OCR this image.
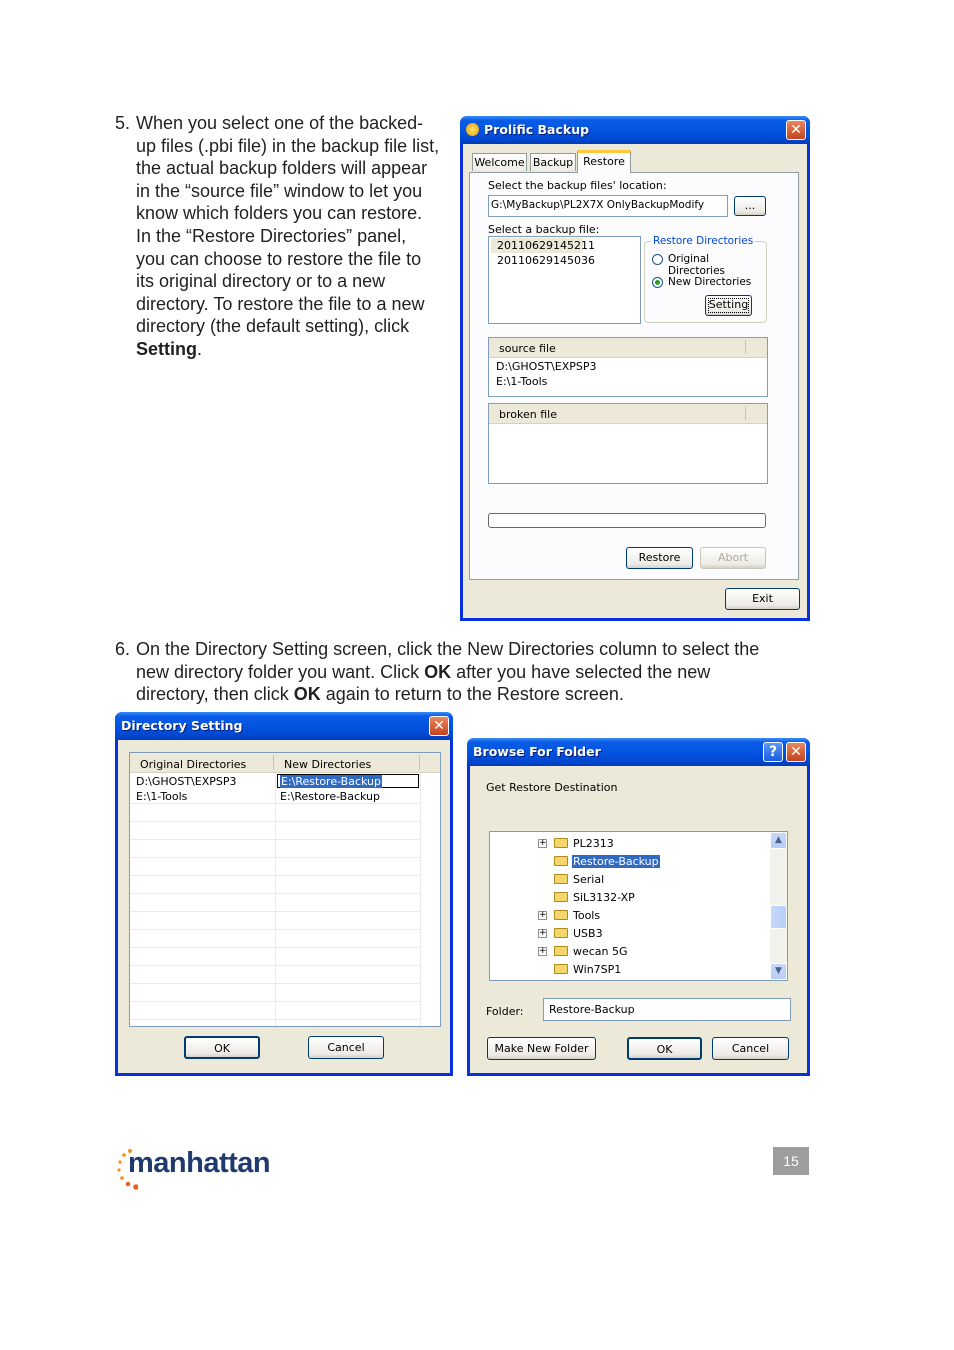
5. When you select one of the backed-
up files (.pbi file) in the backup file list,
the actual backup folders will appear
in the “source file” window to let you
know which folders you can restore.
In the “Restore Directories” panel,
you can choose to restore the file to
its original directory or to a new
directory. To restore the file to a new
directory (the default setting), click
Setting.
Prolific Backup	✕
Welcome Backup Restore
Select the backup files' location:
G:\MyBackup\PL2X7X OnlyBackupModify	...
Select a backup file:
20110629145211
20110629145036
Restore Directories
Original Directories
New Directories
Setting
source file
D:\GHOST\EXPSP3
E:\1-Tools
broken file
Restore	Abort
Exit
6. On the Directory Setting screen, click the New Directories column to select the
new directory folder you want. Click OK after you have selected the new
directory, then click OK again to return to the Restore screen.
Directory Setting	✕
Original Directories	New Directories
D:\GHOST\EXPSP3	E:\Restore-Backup
E:\1-Tools	E:\Restore-Backup
OK	Cancel
Browse For Folder	? ✕
Get Restore Destination
+	PL2313
Restore-Backup
Serial
SiL3132-XP
+	Tools
+	USB3
+	wecan 5G
Win7SP1
▲
▼
Folder:	Restore-Backup
Make New Folder	OK	Cancel
manhattan	15
